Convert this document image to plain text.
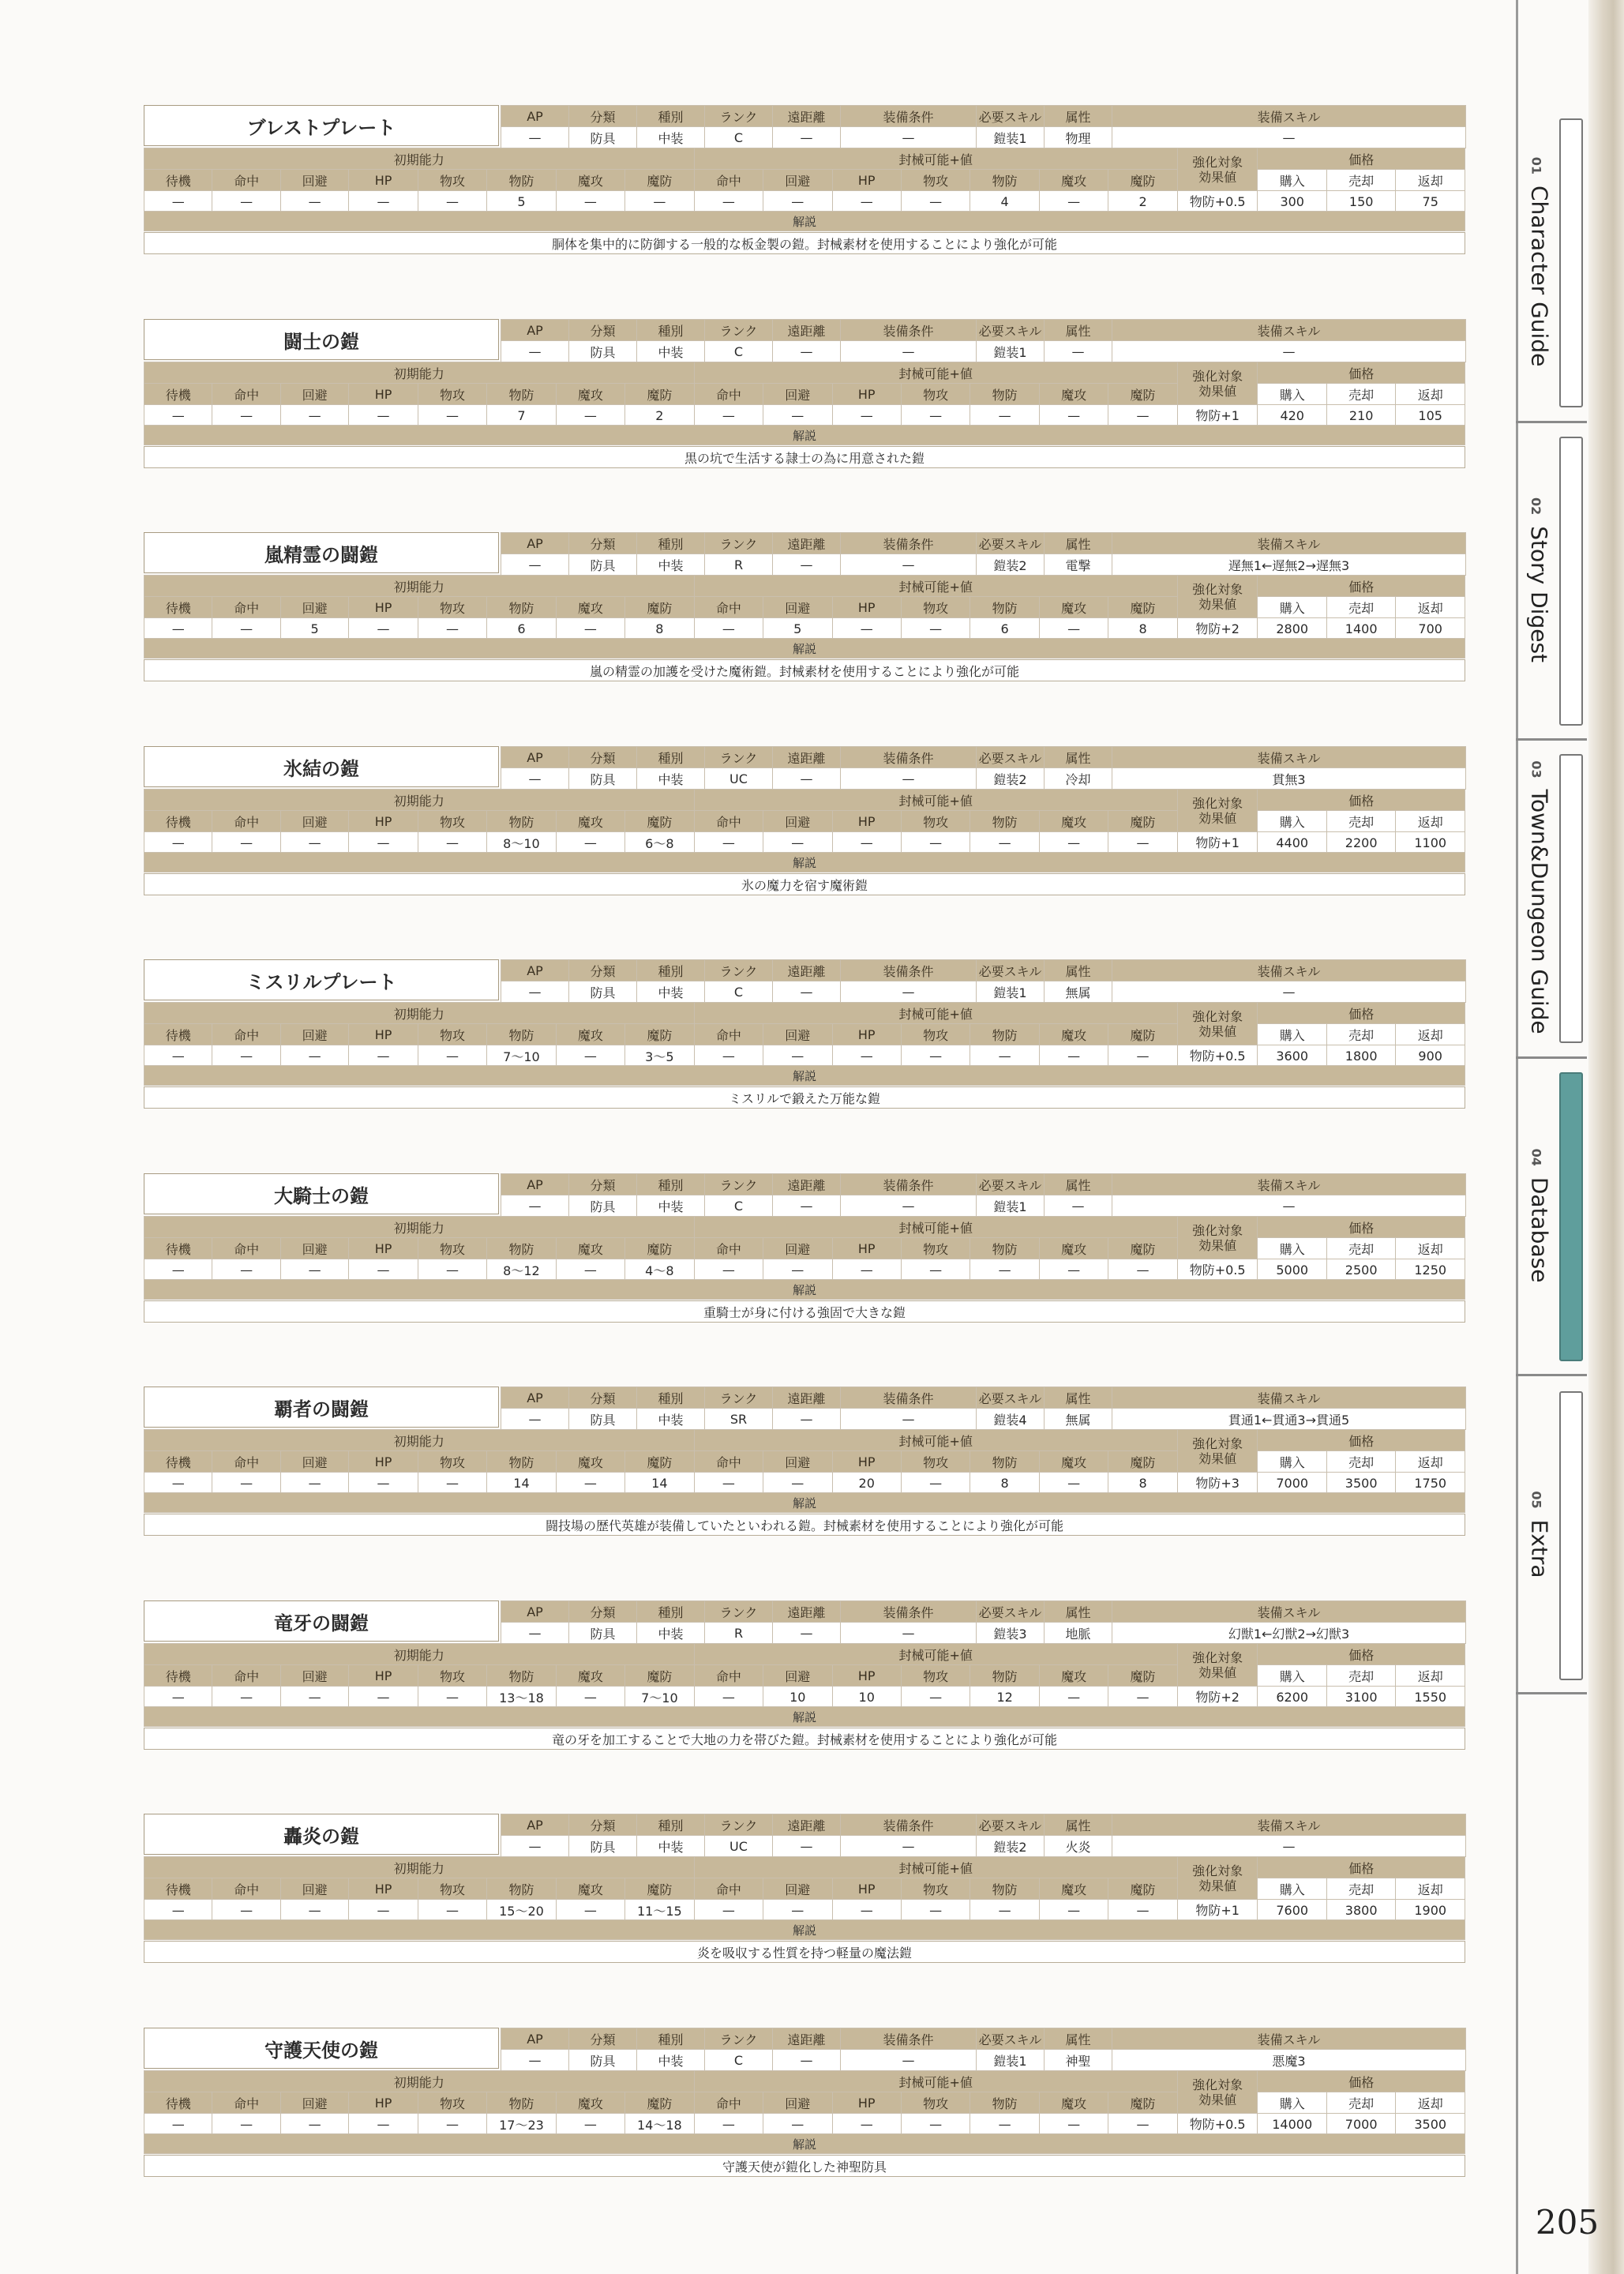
ブレストプレート
AP	分類	種別	ランク	遠距離	装備条件	必要スキル	属性	装備スキル
—	防具	中装	C	—	—	鎧装1	物理	—
初期能力								封械可能+値							強化対象
効果値	価格		
待機	命中	回避	HP	物攻	物防	魔攻	魔防	命中	回避	HP	物攻	物防	魔攻	魔防		購入	売却	返却
—	—	—	—	—	5	—	—	—	—	—	—	4	—	2	物防+0.5	300	150	75
解説
胴体を集中的に防御する一般的な板金製の鎧。封械素材を使用することにより強化が可能
闘士の鎧
AP	分類	種別	ランク	遠距離	装備条件	必要スキル	属性	装備スキル
—	防具	中装	C	—	—	鎧装1	—	—
初期能力								封械可能+値							強化対象
効果値	価格		
待機	命中	回避	HP	物攻	物防	魔攻	魔防	命中	回避	HP	物攻	物防	魔攻	魔防		購入	売却	返却
—	—	—	—	—	7	—	2	—	—	—	—	—	—	—	物防+1	420	210	105
解説
黒の坑で生活する隷士の為に用意された鎧
嵐精霊の闘鎧
AP	分類	種別	ランク	遠距離	装備条件	必要スキル	属性	装備スキル
—	防具	中装	R	—	—	鎧装2	電撃	遅無1←遅無2→遅無3
初期能力								封械可能+値							強化対象
効果値	価格		
待機	命中	回避	HP	物攻	物防	魔攻	魔防	命中	回避	HP	物攻	物防	魔攻	魔防		購入	売却	返却
—	—	5	—	—	6	—	8	—	5	—	—	6	—	8	物防+2	2800	1400	700
解説
嵐の精霊の加護を受けた魔術鎧。封械素材を使用することにより強化が可能
氷結の鎧
AP	分類	種別	ランク	遠距離	装備条件	必要スキル	属性	装備スキル
—	防具	中装	UC	—	—	鎧装2	冷却	貫無3
初期能力								封械可能+値							強化対象
効果値	価格		
待機	命中	回避	HP	物攻	物防	魔攻	魔防	命中	回避	HP	物攻	物防	魔攻	魔防		購入	売却	返却
—	—	—	—	—	8～10	—	6～8	—	—	—	—	—	—	—	物防+1	4400	2200	1100
解説
氷の魔力を宿す魔術鎧
ミスリルプレート
AP	分類	種別	ランク	遠距離	装備条件	必要スキル	属性	装備スキル
—	防具	中装	C	—	—	鎧装1	無属	—
初期能力								封械可能+値							強化対象
効果値	価格		
待機	命中	回避	HP	物攻	物防	魔攻	魔防	命中	回避	HP	物攻	物防	魔攻	魔防		購入	売却	返却
—	—	—	—	—	7～10	—	3～5	—	—	—	—	—	—	—	物防+0.5	3600	1800	900
解説
ミスリルで鍛えた万能な鎧
大騎士の鎧
AP	分類	種別	ランク	遠距離	装備条件	必要スキル	属性	装備スキル
—	防具	中装	C	—	—	鎧装1	—	—
初期能力								封械可能+値							強化対象
効果値	価格		
待機	命中	回避	HP	物攻	物防	魔攻	魔防	命中	回避	HP	物攻	物防	魔攻	魔防		購入	売却	返却
—	—	—	—	—	8～12	—	4～8	—	—	—	—	—	—	—	物防+0.5	5000	2500	1250
解説
重騎士が身に付ける強固で大きな鎧
覇者の闘鎧
AP	分類	種別	ランク	遠距離	装備条件	必要スキル	属性	装備スキル
—	防具	中装	SR	—	—	鎧装4	無属	貫通1←貫通3→貫通5
初期能力								封械可能+値							強化対象
効果値	価格		
待機	命中	回避	HP	物攻	物防	魔攻	魔防	命中	回避	HP	物攻	物防	魔攻	魔防		購入	売却	返却
—	—	—	—	—	14	—	14	—	—	20	—	8	—	8	物防+3	7000	3500	1750
解説
闘技場の歴代英雄が装備していたといわれる鎧。封械素材を使用することにより強化が可能
竜牙の闘鎧
AP	分類	種別	ランク	遠距離	装備条件	必要スキル	属性	装備スキル
—	防具	中装	R	—	—	鎧装3	地脈	幻獣1←幻獣2→幻獣3
初期能力								封械可能+値							強化対象
効果値	価格		
待機	命中	回避	HP	物攻	物防	魔攻	魔防	命中	回避	HP	物攻	物防	魔攻	魔防		購入	売却	返却
—	—	—	—	—	13～18	—	7～10	—	10	10	—	12	—	—	物防+2	6200	3100	1550
解説
竜の牙を加工することで大地の力を帯びた鎧。封械素材を使用することにより強化が可能
轟炎の鎧
AP	分類	種別	ランク	遠距離	装備条件	必要スキル	属性	装備スキル
—	防具	中装	UC	—	—	鎧装2	火炎	—
初期能力								封械可能+値							強化対象
効果値	価格		
待機	命中	回避	HP	物攻	物防	魔攻	魔防	命中	回避	HP	物攻	物防	魔攻	魔防		購入	売却	返却
—	—	—	—	—	15～20	—	11～15	—	—	—	—	—	—	—	物防+1	7600	3800	1900
解説
炎を吸収する性質を持つ軽量の魔法鎧
守護天使の鎧
AP	分類	種別	ランク	遠距離	装備条件	必要スキル	属性	装備スキル
—	防具	中装	C	—	—	鎧装1	神聖	悪魔3
初期能力								封械可能+値							強化対象
効果値	価格		
待機	命中	回避	HP	物攻	物防	魔攻	魔防	命中	回避	HP	物攻	物防	魔攻	魔防		購入	売却	返却
—	—	—	—	—	17～23	—	14～18	—	—	—	—	—	—	—	物防+0.5	14000	7000	3500
解説
守護天使が鎧化した神聖防具
01Character Guide
02Story Digest
03Town&Dungeon Guide
04Database
05Extra
205
